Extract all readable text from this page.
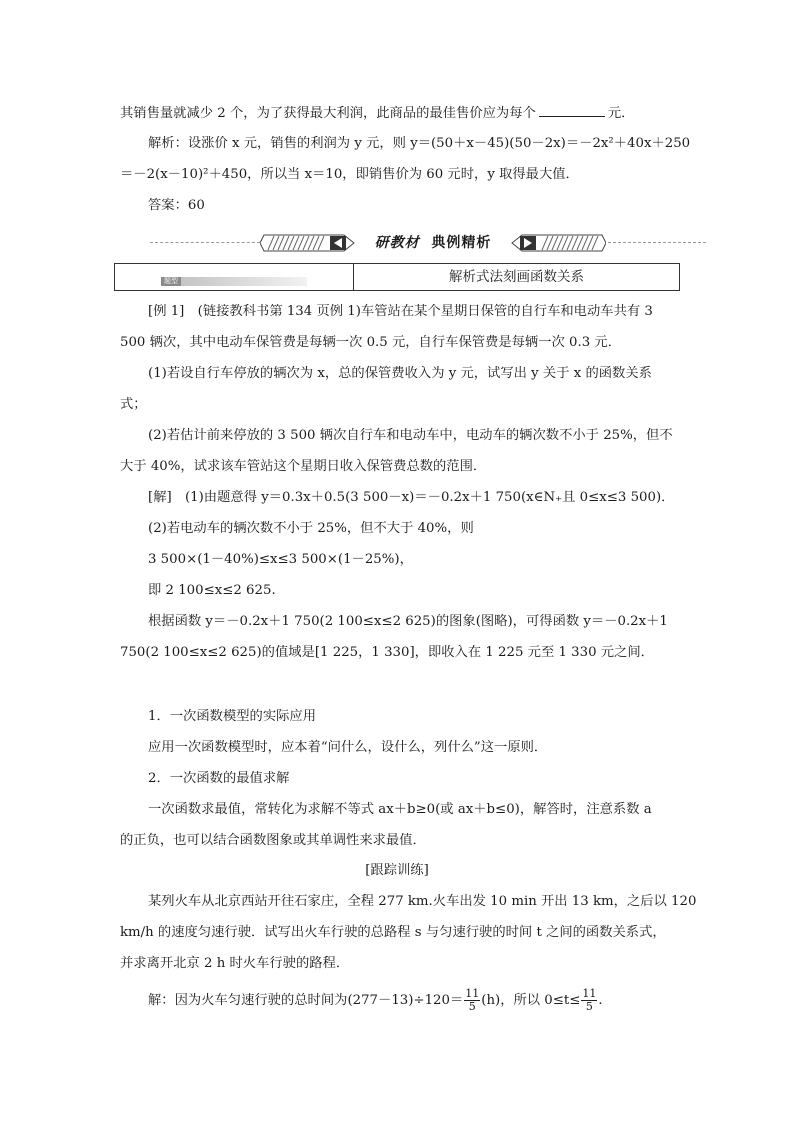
其销售量就减少 2 个，为了获得最大利润，此商品的最佳售价应为每个	元．
解析：设涨价 x 元，销售的利润为 y 元，则 y＝(50＋x－45)(50－2x)＝－2x²＋40x＋250
＝－2(x－10)²＋450，所以当 x＝10，即销售价为 60 元时，y 取得最大值．
答案：60
研教材 典例精析
题型一
解析式法刻画函数关系
[例 1]　(链接教科书第 134 页例 1)车管站在某个星期日保管的自行车和电动车共有 3
500 辆次，其中电动车保管费是每辆一次 0.5 元，自行车保管费是每辆一次 0.3 元．
(1)若设自行车停放的辆次为 x，总的保管费收入为 y 元，试写出 y 关于 x 的函数关系
式；
(2)若估计前来停放的 3 500 辆次自行车和电动车中，电动车的辆次数不小于 25%，但不
大于 40%，试求该车管站这个星期日收入保管费总数的范围．
[解]　(1)由题意得 y＝0.3x＋0.5(3 500－x)＝－0.2x＋1 750(x∈N₊且 0≤x≤3 500)．
(2)若电动车的辆次数不小于 25%，但不大于 40%，则
3 500×(1－40%)≤x≤3 500×(1－25%)，
即 2 100≤x≤2 625.
根据函数 y＝－0.2x＋1 750(2 100≤x≤2 625)的图象(图略)，可得函数 y＝－0.2x＋1
750(2 100≤x≤2 625)的值域是[1 225，1 330]，即收入在 1 225 元至 1 330 元之间．
1．一次函数模型的实际应用
应用一次函数模型时，应本着“问什么，设什么，列什么”这一原则．
2．一次函数的最值求解
一次函数求最值，常转化为求解不等式 ax＋b≥0(或 ax＋b≤0)，解答时，注意系数 a
的正负，也可以结合函数图象或其单调性来求最值．
[跟踪训练]
某列火车从北京西站开往石家庄，全程 277 km.火车出发 10 min 开出 13 km，之后以 120
km/h 的速度匀速行驶．试写出火车行驶的总路程 s 与匀速行驶的时间 t 之间的函数关系式，
并求离开北京 2 h 时火车行驶的路程．
解：因为火车匀速行驶的总时间为$(277-13)\div 120= \frac{11}{5} (h)$，所以 $0\le t\le \frac{11}{5}$ .
